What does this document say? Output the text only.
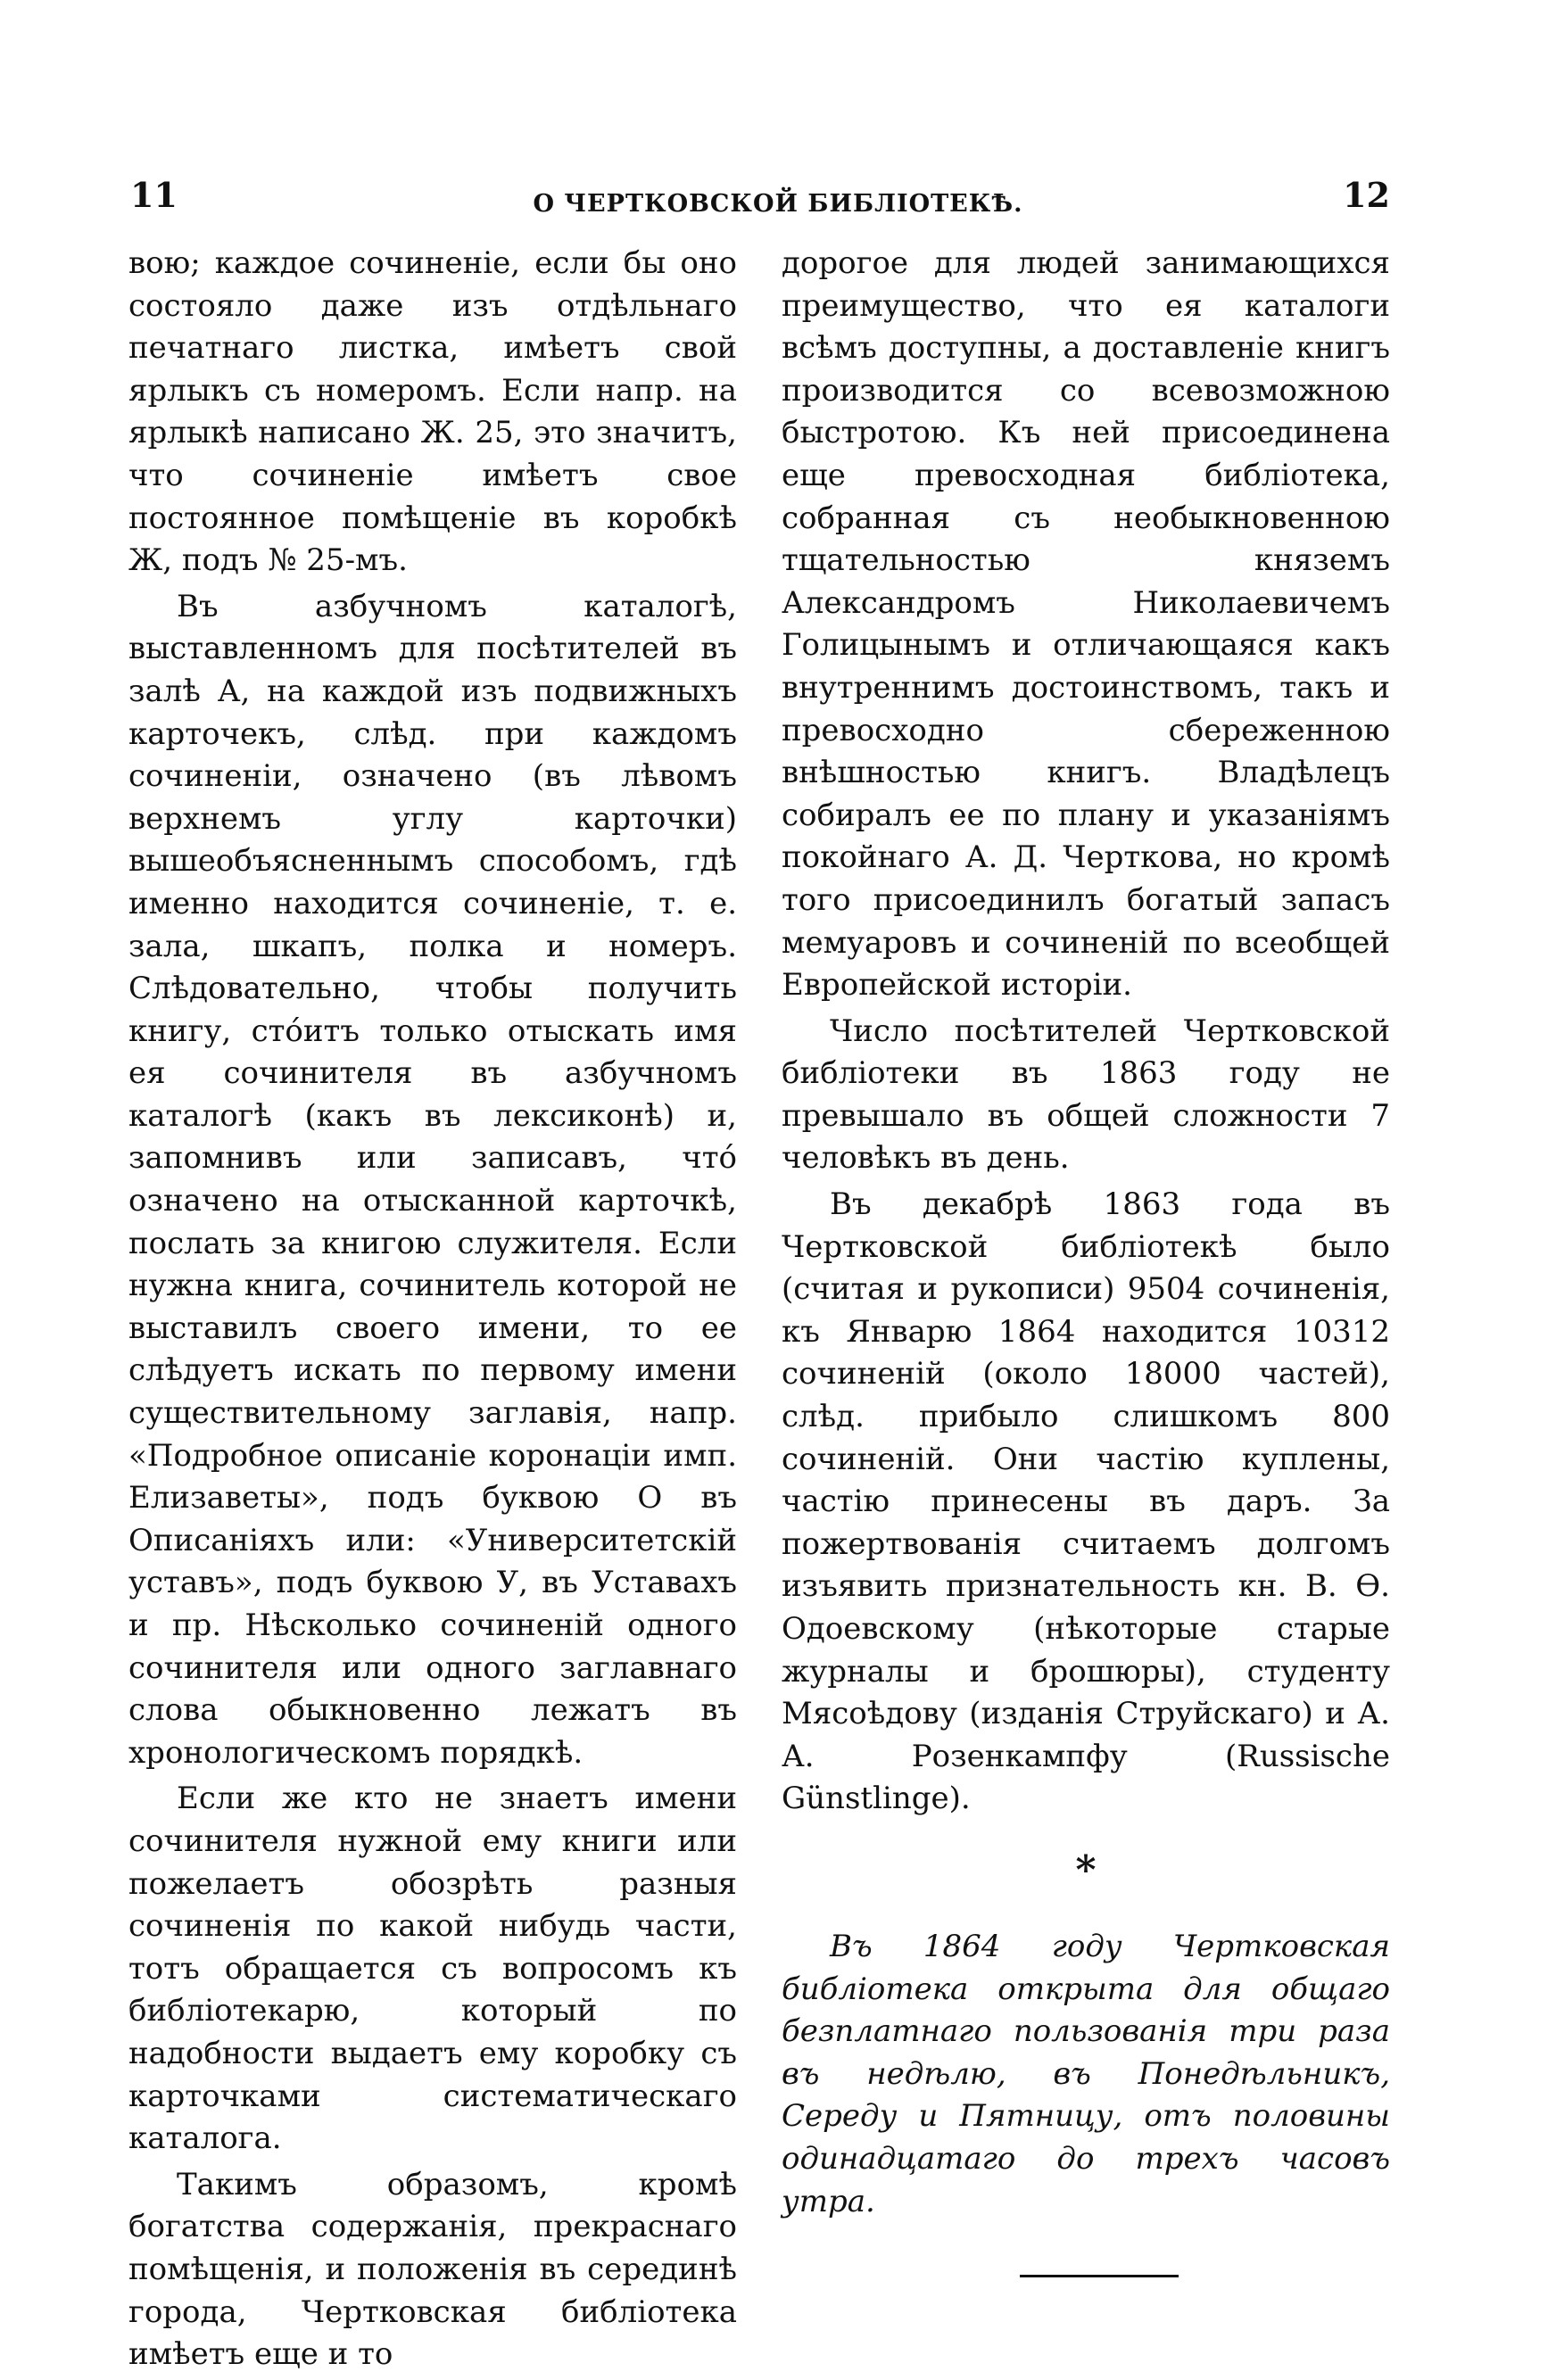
11	О ЧЕРТКОВСКОЙ БИБЛІОТЕКѢ.	12

вою; каждое сочиненіе, если бы оно состояло даже изъ отдѣльнаго печатнаго листка, имѣетъ свой ярлыкъ съ номеромъ. Если напр. на ярлыкѣ написано Ж. 25, это значитъ, что сочиненіе имѣетъ свое постоянное помѣщеніе въ коробкѣ Ж, подъ № 25-мъ.

Въ азбучномъ каталогѣ, выставленномъ для посѣтителей въ залѣ А, на каждой изъ подвижныхъ карточекъ, слѣд. при каждомъ сочиненіи, означено (въ лѣвомъ верхнемъ углу карточки) вышеобъясненнымъ способомъ, гдѣ именно находится сочиненіе, т. е. зала, шкапъ, полка и номеръ. Слѣдовательно, чтобы получить книгу, стóитъ только отыскать имя ея сочинителя въ азбучномъ каталогѣ (какъ въ лексиконѣ) и, запомнивъ или записавъ, чтó означено на отысканной карточкѣ, послать за книгою служителя. Если нужна книга, сочинитель которой не выставилъ своего имени, то ее слѣдуетъ искать по первому имени существительному заглавія, напр. «Подробное описаніе коронаціи имп. Елизаветы», подъ буквою О въ Описаніяхъ или: «Университетскій уставъ», подъ буквою У, въ Уставахъ и пр. Нѣсколько сочиненій одного сочинителя или одного заглавнаго слова обыкновенно лежатъ въ хронологическомъ порядкѣ.

Если же кто не знаетъ имени сочинителя нужной ему книги или пожелаетъ обозрѣть разныя сочиненія по какой нибудь части, тотъ обращается съ вопросомъ къ библіотекарю, который по надобности выдаетъ ему коробку съ карточками систематическаго каталога.

Такимъ образомъ, кромѣ богатства содержанія, прекраснаго помѣщенія, и положенія въ серединѣ города, Чертковская библіотека имѣетъ еще и то

дорогое для людей занимающихся преимущество, что ея каталоги всѣмъ доступны, а доставленіе книгъ производится со всевозможною быстротою. Къ ней присоединена еще превосходная библіотека, собранная съ необыкновенною тщательностью княземъ Александромъ Николаевичемъ Голицынымъ и отличающаяся какъ внутреннимъ достоинствомъ, такъ и превосходно сбереженною внѣшностью книгъ. Владѣлецъ собиралъ ее по плану и указаніямъ покойнаго А. Д. Черткова, но кромѣ того присоединилъ богатый запасъ мемуаровъ и сочиненій по всеобщей Европейской исторіи.

Число посѣтителей Чертковской библіотеки въ 1863 году не превышало въ общей сложности 7 человѣкъ въ день.

Въ декабрѣ 1863 года въ Чертковской библіотекѣ было (считая и рукописи) 9504 сочиненія, къ Январю 1864 находится 10312 сочиненій (около 18000 частей), слѣд. прибыло слишкомъ 800 сочиненій. Они частію куплены, частію принесены въ даръ. За пожертвованія считаемъ долгомъ изъявить признательность кн. В. Ѳ. Одоевскому (нѣкоторые старые журналы и брошюры), студенту Мясоѣдову (изданія Струйскаго) и А. А. Розенкампфу (Russische Günstlinge).

*

Въ 1864 году Чертковская библіотека открыта для общаго безплатнаго пользованія три раза въ недѣлю, въ Понедѣльникъ, Середу и Пятницу, отъ половины одинадцатаго до трехъ часовъ утра.
